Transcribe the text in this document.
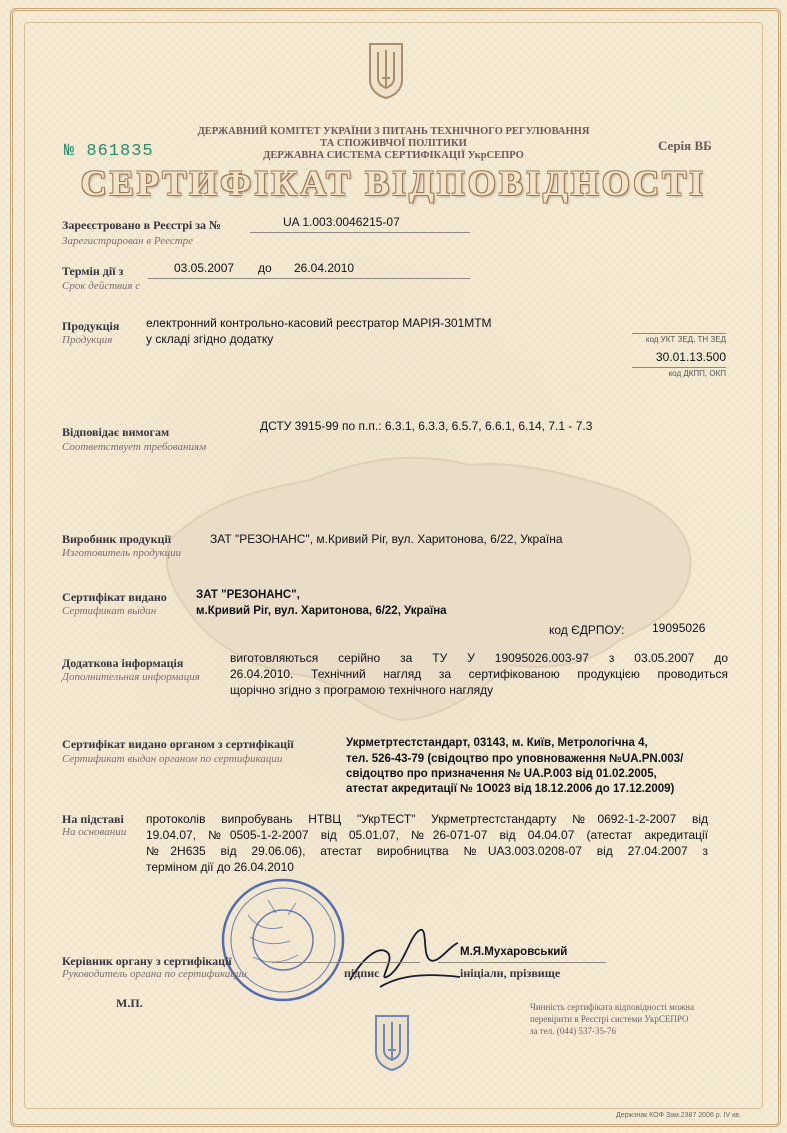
ДЕРЖАВНИЙ КОМІТЕТ УКРАЇНИ З ПИТАНЬ ТЕХНІЧНОГО РЕГУЛЮВАННЯ
ТА СПОЖИВЧОЇ ПОЛІТИКИ
ДЕРЖАВНА СИСТЕМА СЕРТИФІКАЦІЇ УкрСЕПРО
№ 861835	Серія ВБ
СЕРТИФІКАТ ВІДПОВІДНОСТІ
Зареєстровано в Реєстрі за №
Зарегистрирован в Реестре
UA 1.003.0046215-07
Термін дії з
Срок действия с
03.05.2007 до 26.04.2010
Продукція
Продукция
електронний контрольно-касовий реєстратор МАРІЯ-301МТМ
у складі згідно додатку	код УКТ ЗЕД, ТН ЗЕД
30.01.13.500
код ДКПП, ОКП
Відповідає вимогам
Соответствует требованиям
ДСТУ 3915-99 по п.п.: 6.3.1, 6.3.3, 6.5.7, 6.6.1, 6.14, 7.1 - 7.3
Виробник продукції
Изготовитель продукции
ЗАТ "РЕЗОНАНС", м.Кривий Ріг, вул. Харитонова, 6/22, Україна
Сертифікат видано
Сертификат выдан
ЗАТ "РЕЗОНАНС",
м.Кривий Ріг, вул. Харитонова, 6/22, Україна
код ЄДРПОУ: 19095026
Додаткова інформація
Дополнительная информация
виготовляються серійно за ТУ У 19095026.003-97 з 03.05.2007 до
26.04.2010. Технічний нагляд за сертифікованою продукцією проводиться
щорічно згідно з програмою технічного нагляду
Сертифікат видано органом з сертифікації
Сертификат выдан органом по сертификации
Укрметртестстандарт, 03143, м. Київ, Метрологічна 4,
тел. 526-43-79 (свідоцтво про уповноваження №UA.PN.003/
свідоцтво про призначення № UA.P.003 від 01.02.2005,
атестат акредитації № 1O023 від 18.12.2006 до 17.12.2009)
На підставі
На основании
протоколів випробувань НТВЦ "УкрТЕСТ" Укрметртестстандарту №0692-1-2-2007 від
19.04.07, №0505-1-2-2007 від 05.01.07, №26-071-07 від 04.04.07 (атестат акредитації
№2Н635 від 29.06.06), атестат виробництва №UA3.003.0208-07 від 27.04.2007 з
терміном дії до 26.04.2010
Керівник органу з сертифікації
Руководитель органа по сертификации
М.Я.Мухаровський
підпис	ініціали, прізвище
М.П.	Чинність сертифіката відповідності можна
перевірити в Реєстрі системи УкрСЕПРО
за тел. (044) 537-35-76
Держзнак КОФ Зам.2387 2006 р. IV кв.
